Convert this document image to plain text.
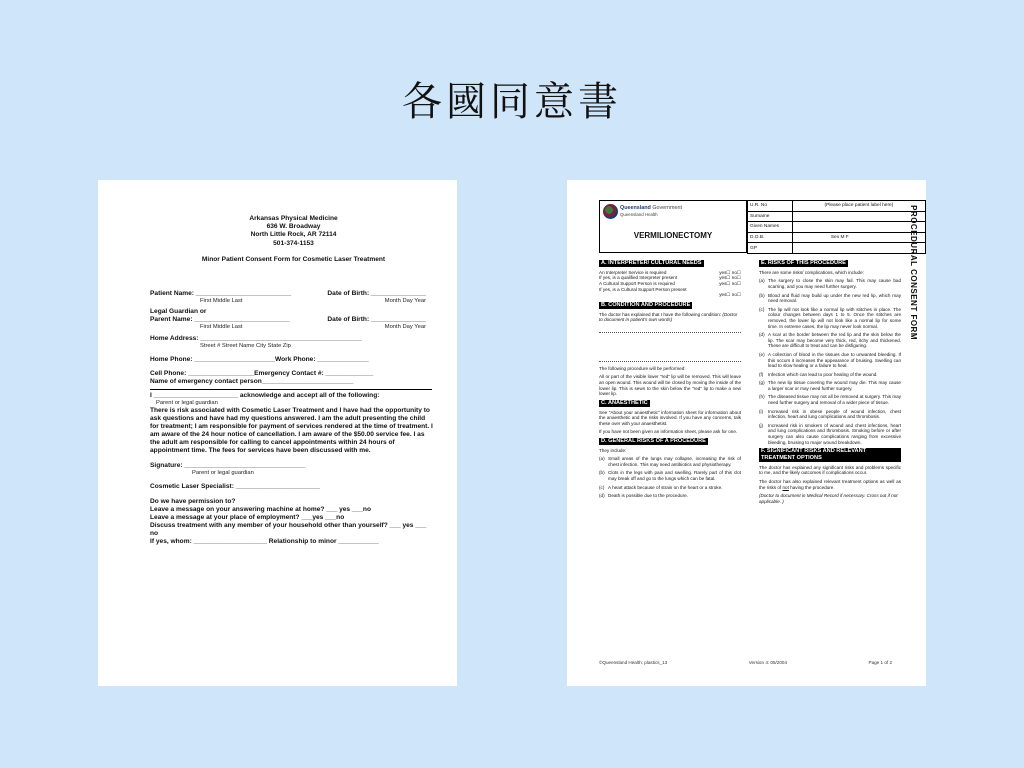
各國同意書
Arkansas Physical Medicine
636 W. Broadway
North Little Rock, AR 72114
501-374-1153
Minor Patient Consent Form for Cosmetic Laser Treatment
Patient Name: __________________________	Date of Birth: _______________
First Middle Last	Month Day Year
Legal Guardian or
Parent Name: __________________________	Date of Birth: _______________
First Middle Last	Month Day Year
Home Address: ____________________________________________
Street # Street Name City State Zip
Home Phone: ______________________Work Phone: ______________
Cell Phone: __________________Emergency Contact #: _____________
Name of emergency contact person_________________________
I _______________________ acknowledge and accept all of the following:
Parent or legal guardian
There is risk associated with Cosmetic Laser Treatment and I have had the opportunity to ask questions and have had my questions answered. I am the adult presenting the child for treatment; I am responsible for payment of services rendered at the time of treatment. I am aware of the 24 hour notice of cancellation. I am aware of the $50.00 service fee. I as the adult am responsible for calling to cancel appointments within 24 hours of appointment time. The fees for services have been discussed with me.
Signature: _________________________________
Parent or legal guardian
Cosmetic Laser Specialist: _______________________
Do we have permission to?
Leave a message on your answering machine at home? ___ yes ___no
Leave a message at your place of employment? ___yes ___no
Discuss treatment with any member of your household other than yourself? ___ yes ___ no
If yes, whom: ____________________ Relationship to minor ___________
Queensland Government
Queensland Health
VERMILIONECTOMY
U.R. No	(Please place patient label here)
Surname	
Given Names	
D.O.B.	Sex M F
GP	
A. INTERPRETER/ CULTURAL NEEDS
An Interpreter Service is required	yes☐ no☐
If yes, is a qualified Interpreter present	yes☐ no☐
A Cultural Support Person is required	yes☐ no☐
If yes, is a Cultural Support Person present
yes☐ no☐
B. CONDITION AND PROCEDURE

The doctor has explained that I have the following condition: (Doctor to document in patient's own words)

The following procedure will be performed:

All or part of the visible lower "red" lip will be removed. This will leave an open wound. This wound will be closed by moving the inside of the lower lip. This is sewn to the skin below the "red" lip to make a new lower lip.

C. ANAESTHETIC

See "About your anaesthetic" information sheet for information about the anaesthetic and the risks involved. If you have any concerns, talk these over with your anaesthetist.

If you have not been given an information sheet, please ask for one.

D. GENERAL RISKS OF A PROCEDURE

They include:

(a) Small areas of the lungs may collapse, increasing the risk of chest infection. This may need antibiotics and physiotherapy.
(b) Clots in the legs with pain and swelling. Rarely part of this clot may break off and go to the lungs which can be fatal.
(c) A heart attack because of strain on the heart or a stroke.
(d) Death is possible due to the procedure.
E. RISKS OF THIS PROCEDURE

There are some risks/ complications, which include:

(a) The surgery to close the skin may fail. This may cause bad scarring, and you may need further surgery.
(b) Blood and fluid may build up under the new red lip, which may need removal.
(c) The lip will not look like a normal lip with stitches in place. The colour changes between days 1 to 5. Once the stitches are removed, the lower lip will not look like a normal lip for some time. In extreme cases, the lip may never look normal.
(d) A scar at the border between the red lip and the skin below the lip. The scar may become very thick, red, itchy and thickened. These are difficult to treat and can be disfiguring.
(e) A collection of blood in the tissues due to unwanted bleeding. If this occurs it increases the appearance of bruising. Swelling can lead to slow healing or a failure to heal.
(f)	Infection which can lead to poor healing of the wound.
(g) The new lip tissue covering the wound may die. This may cause a larger scar or may need further surgery.
(h) The diseased tissue may not all be removed at surgery. This may need further surgery and removal of a wider piece of tissue.
(i)	Increased risk in obese people of wound infection, chest infection, heart and lung complications and thrombosis.
(j)	Increased risk in smokers of wound and chest infections, heart and lung complications and thrombosis. Smoking before or after surgery can also cause complications ranging from excessive bleeding, bruising to major wound breakdown.
F. SIGNIFICANT RISKS AND RELEVANT TREATMENT OPTIONS

The doctor has explained any significant risks and problems specific to me, and the likely outcomes if complications occur.

The doctor has also explained relevant treatment options as well as the risks of not having the procedure.

(Doctor to document in Medical Record if necessary. Cross out if not applicable. )

PROCEDURAL CONSENT FORM
©Queensland Health: plastics_13	Version 4: 05/2004	Page 1 of 2
